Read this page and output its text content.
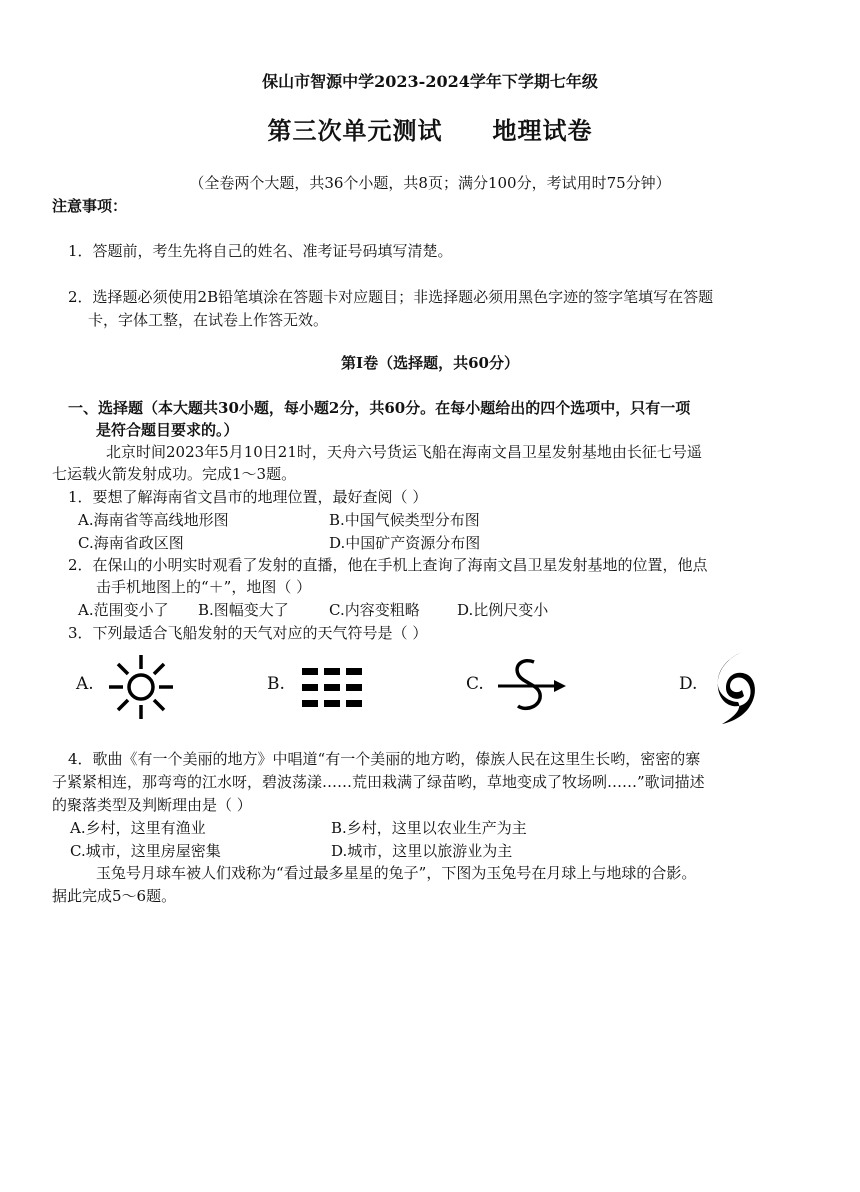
保山市智源中学2023-2024学年下学期七年级
第三次单元测试 地理试卷
（全卷两个大题，共36个小题，共8页；满分100分，考试用时75分钟）
注意事项：
1．答题前，考生先将自己的姓名、准考证号码填写清楚。
2．选择题必须使用2B铅笔填涂在答题卡对应题目；非选择题必须用黑色字迹的签字笔填写在答题
卡，字体工整，在试卷上作答无效。
第Ⅰ卷（选择题，共60分）
一、选择题（本大题共30小题，每小题2分，共60分。在每小题给出的四个选项中，只有一项
是符合题目要求的。）
北京时间2023年5月10日21时，天舟六号货运飞船在海南文昌卫星发射基地由长征七号遥
七运载火箭发射成功。完成1～3题。
1．要想了解海南省文昌市的地理位置，最好查阅（ ）
A.海南省等高线地形图	B.中国气候类型分布图
C.海南省政区图	D.中国矿产资源分布图
2．在保山的小明实时观看了发射的直播，他在手机上查询了海南文昌卫星发射基地的位置，他点
击手机地图上的“＋”，地图（ ）
A.范围变小了 B.图幅变大了	C.内容变粗略 D.比例尺变小
3．下列最适合飞船发射的天气对应的天气符号是（ ）
A.	B.	C.	D.
4．歌曲《有一个美丽的地方》中唱道“有一个美丽的地方哟，傣族人民在这里生长哟，密密的寨
子紧紧相连，那弯弯的江水呀，碧波荡漾……荒田栽满了绿苗哟，草地变成了牧场咧……”歌词描述
的聚落类型及判断理由是（ ）
A.乡村，这里有渔业	B.乡村，这里以农业生产为主
C.城市，这里房屋密集	D.城市，这里以旅游业为主
玉兔号月球车被人们戏称为“看过最多星星的兔子”，下图为玉兔号在月球上与地球的合影。
据此完成5～6题。
